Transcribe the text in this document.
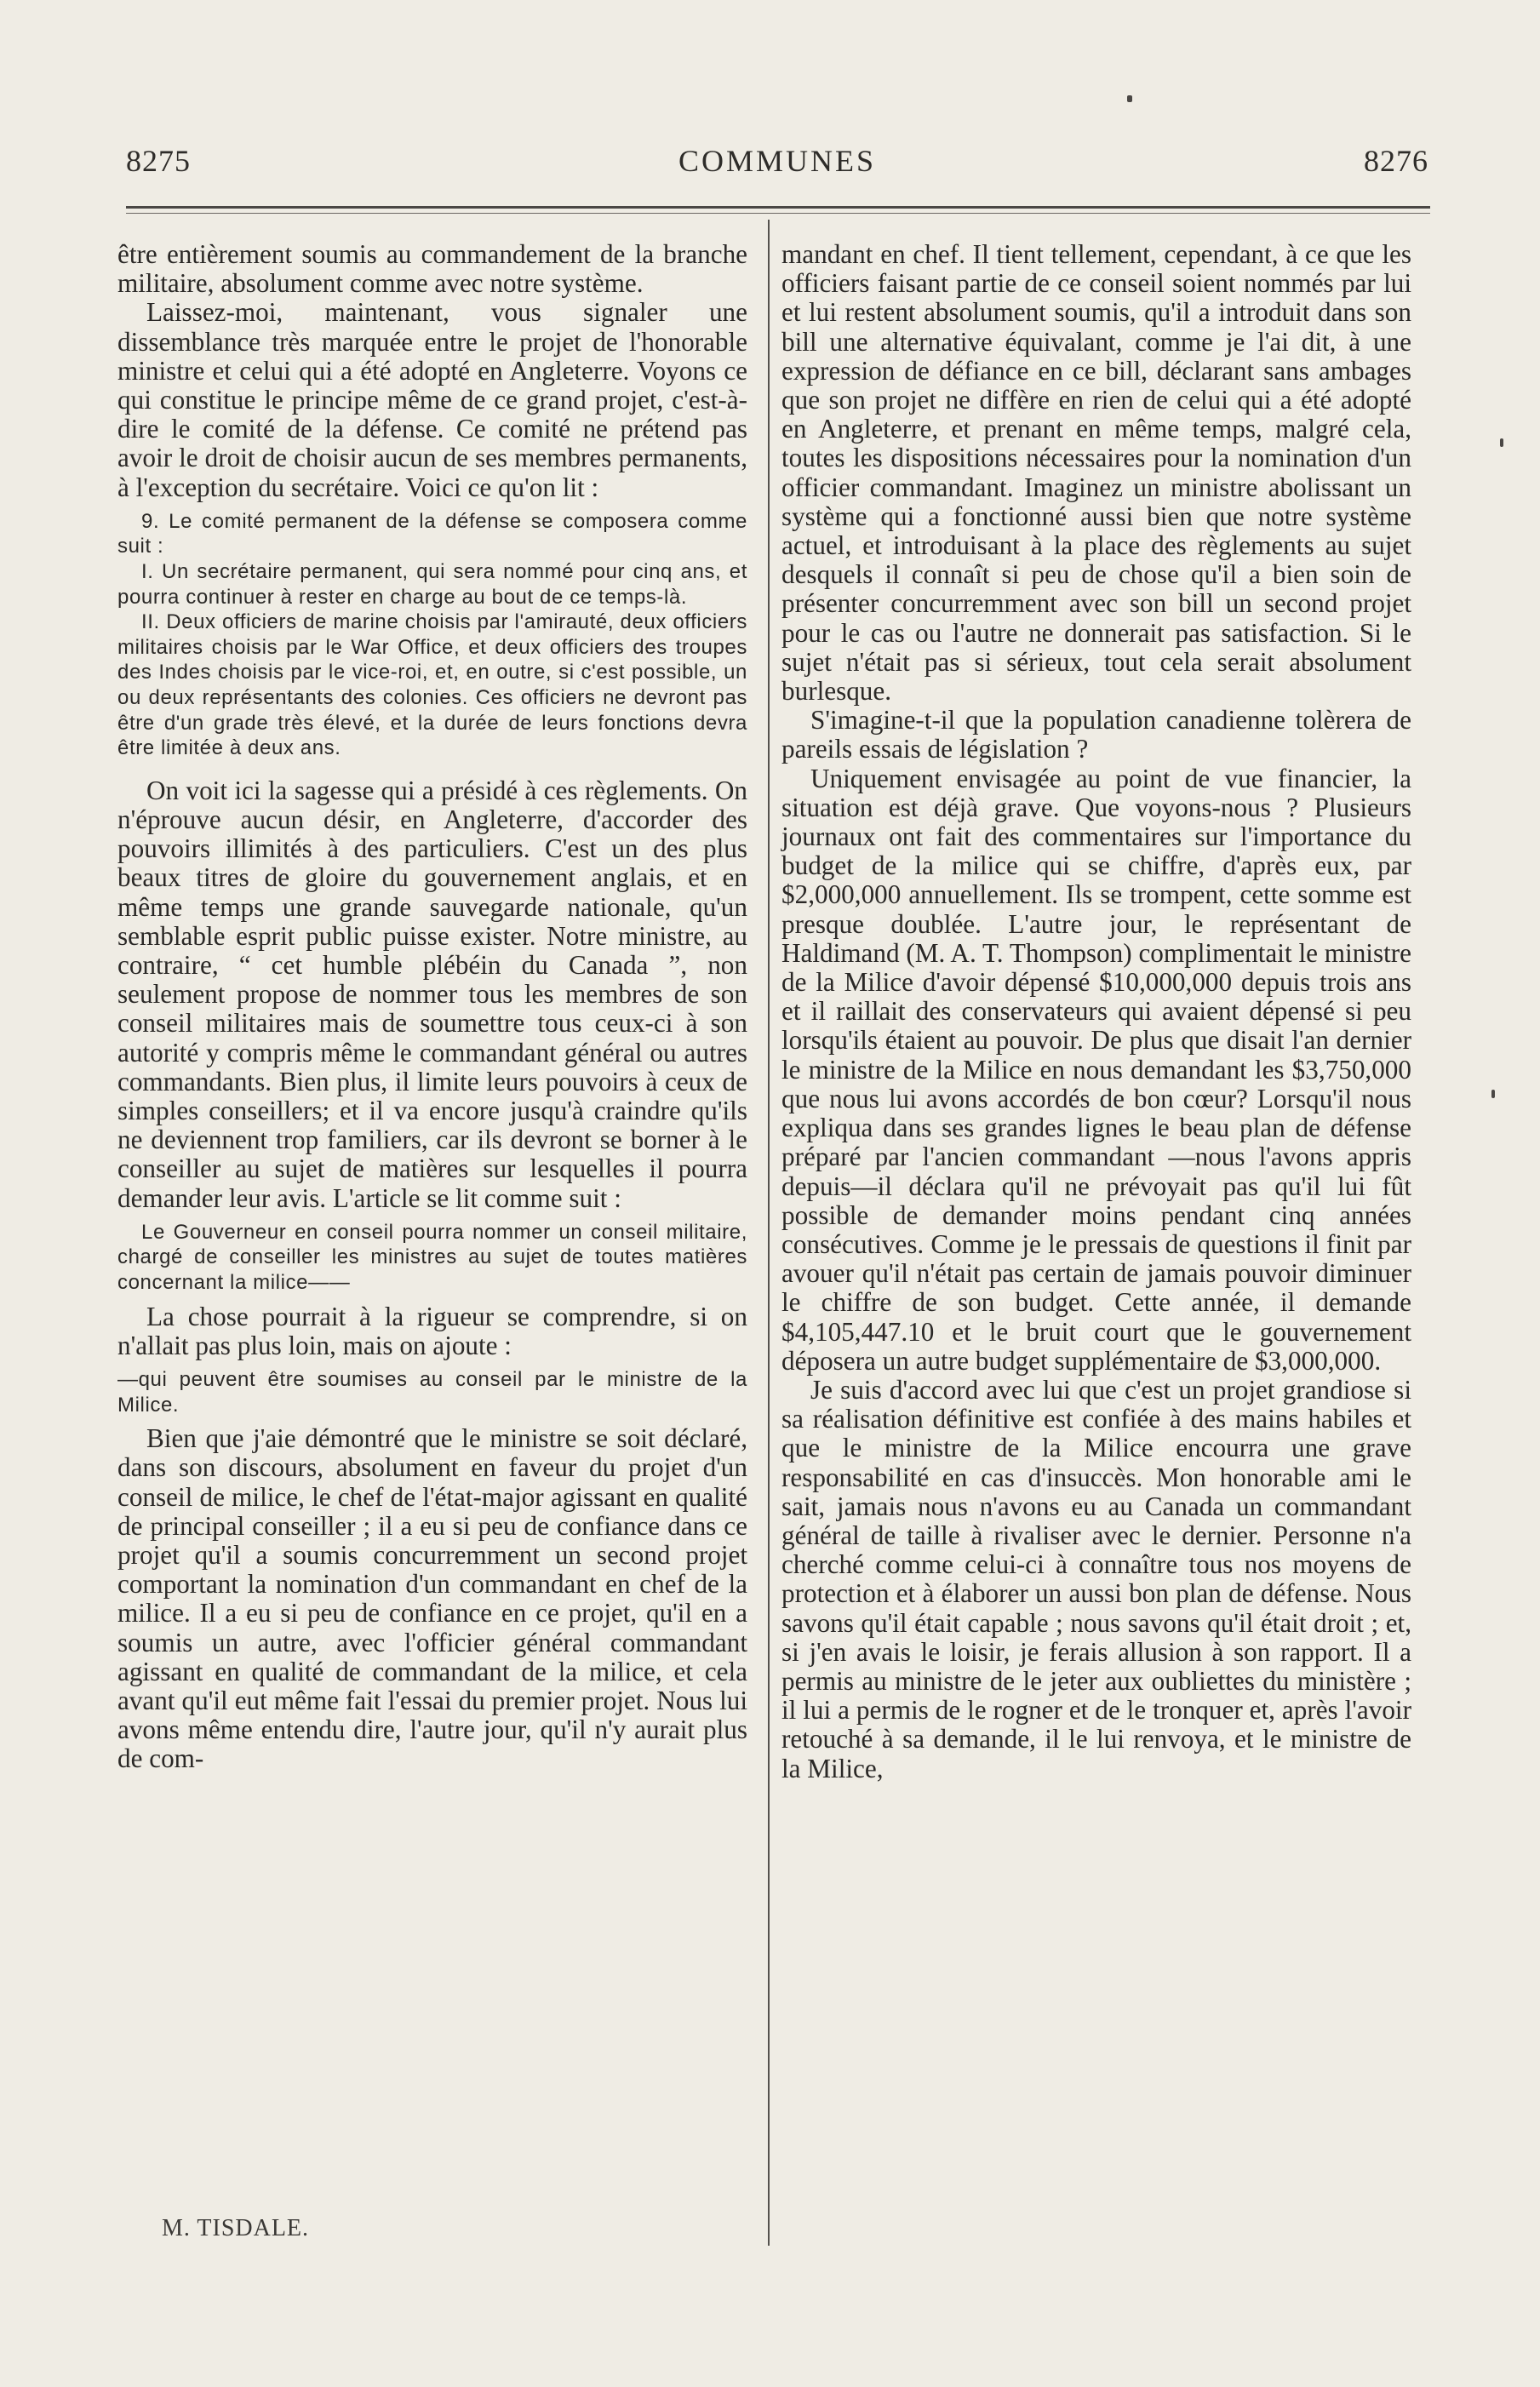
8275	COMMUNES	8276

être entièrement soumis au commandement de la branche militaire, absolument comme avec notre système.

Laissez-moi, maintenant, vous signaler une dissemblance très marquée entre le projet de l'honorable ministre et celui qui a été adopté en Angleterre. Voyons ce qui constitue le principe même de ce grand projet, c'est-à-dire le comité de la défense. Ce comité ne prétend pas avoir le droit de choisir aucun de ses membres permanents, à l'exception du secrétaire. Voici ce qu'on lit :

9. Le comité permanent de la défense se composera comme suit :

I. Un secrétaire permanent, qui sera nommé pour cinq ans, et pourra continuer à rester en charge au bout de ce temps-là.

II. Deux officiers de marine choisis par l'amirauté, deux officiers militaires choisis par le War Office, et deux officiers des troupes des Indes choisis par le vice-roi, et, en outre, si c'est possible, un ou deux représentants des colonies. Ces officiers ne devront pas être d'un grade très élevé, et la durée de leurs fonctions devra être limitée à deux ans.

On voit ici la sagesse qui a présidé à ces règlements. On n'éprouve aucun désir, en Angleterre, d'accorder des pouvoirs illimités à des particuliers. C'est un des plus beaux titres de gloire du gouvernement anglais, et en même temps une grande sauvegarde nationale, qu'un semblable esprit public puisse exister. Notre ministre, au contraire, “ cet humble plébéin du Canada ”, non seulement propose de nommer tous les membres de son conseil militaires mais de soumettre tous ceux-ci à son autorité y compris même le commandant général ou autres commandants. Bien plus, il limite leurs pouvoirs à ceux de simples conseillers; et il va encore jusqu'à craindre qu'ils ne deviennent trop familiers, car ils devront se borner à le conseiller au sujet de matières sur lesquelles il pourra demander leur avis. L'article se lit comme suit :

Le Gouverneur en conseil pourra nommer un conseil militaire, chargé de conseiller les ministres au sujet de toutes matières concernant la milice——

La chose pourrait à la rigueur se comprendre, si on n'allait pas plus loin, mais on ajoute :

—qui peuvent être soumises au conseil par le ministre de la Milice.

Bien que j'aie démontré que le ministre se soit déclaré, dans son discours, absolument en faveur du projet d'un conseil de milice, le chef de l'état-major agissant en qualité de principal conseiller ; il a eu si peu de confiance dans ce projet qu'il a soumis concurremment un second projet comportant la nomination d'un commandant en chef de la milice. Il a eu si peu de confiance en ce projet, qu'il en a soumis un autre, avec l'officier général commandant agissant en qualité de commandant de la milice, et cela avant qu'il eut même fait l'essai du premier projet. Nous lui avons même entendu dire, l'autre jour, qu'il n'y aurait plus de com-

mandant en chef. Il tient tellement, cependant, à ce que les officiers faisant partie de ce conseil soient nommés par lui et lui restent absolument soumis, qu'il a introduit dans son bill une alternative équivalant, comme je l'ai dit, à une expression de défiance en ce bill, déclarant sans ambages que son projet ne diffère en rien de celui qui a été adopté en Angleterre, et prenant en même temps, malgré cela, toutes les dispositions nécessaires pour la nomination d'un officier commandant. Imaginez un ministre abolissant un système qui a fonctionné aussi bien que notre système actuel, et introduisant à la place des règlements au sujet desquels il connaît si peu de chose qu'il a bien soin de présenter concurremment avec son bill un second projet pour le cas ou l'autre ne donnerait pas satisfaction. Si le sujet n'était pas si sérieux, tout cela serait absolument burlesque.

S'imagine-t-il que la population canadienne tolèrera de pareils essais de législation ?

Uniquement envisagée au point de vue financier, la situation est déjà grave. Que voyons-nous ? Plusieurs journaux ont fait des commentaires sur l'importance du budget de la milice qui se chiffre, d'après eux, par $2,000,000 annuellement. Ils se trompent, cette somme est presque doublée. L'autre jour, le représentant de Haldimand (M. A. T. Thompson) complimentait le ministre de la Milice d'avoir dépensé $10,000,000 depuis trois ans et il raillait des conservateurs qui avaient dépensé si peu lorsqu'ils étaient au pouvoir. De plus que disait l'an dernier le ministre de la Milice en nous demandant les $3,750,000 que nous lui avons accordés de bon cœur? Lorsqu'il nous expliqua dans ses grandes lignes le beau plan de défense préparé par l'ancien commandant —nous l'avons appris depuis—il déclara qu'il ne prévoyait pas qu'il lui fût possible de demander moins pendant cinq années consécutives. Comme je le pressais de questions il finit par avouer qu'il n'était pas certain de jamais pouvoir diminuer le chiffre de son budget. Cette année, il demande $4,105,447.10 et le bruit court que le gouvernement déposera un autre budget supplémentaire de $3,000,000.

Je suis d'accord avec lui que c'est un projet grandiose si sa réalisation définitive est confiée à des mains habiles et que le ministre de la Milice encourra une grave responsabilité en cas d'insuccès. Mon honorable ami le sait, jamais nous n'avons eu au Canada un commandant général de taille à rivaliser avec le dernier. Personne n'a cherché comme celui-ci à connaître tous nos moyens de protection et à élaborer un aussi bon plan de défense. Nous savons qu'il était capable ; nous savons qu'il était droit ; et, si j'en avais le loisir, je ferais allusion à son rapport. Il a permis au ministre de le jeter aux oubliettes du ministère ; il lui a permis de le rogner et de le tronquer et, après l'avoir retouché à sa demande, il le lui renvoya, et le ministre de la Milice,

M. TISDALE.
